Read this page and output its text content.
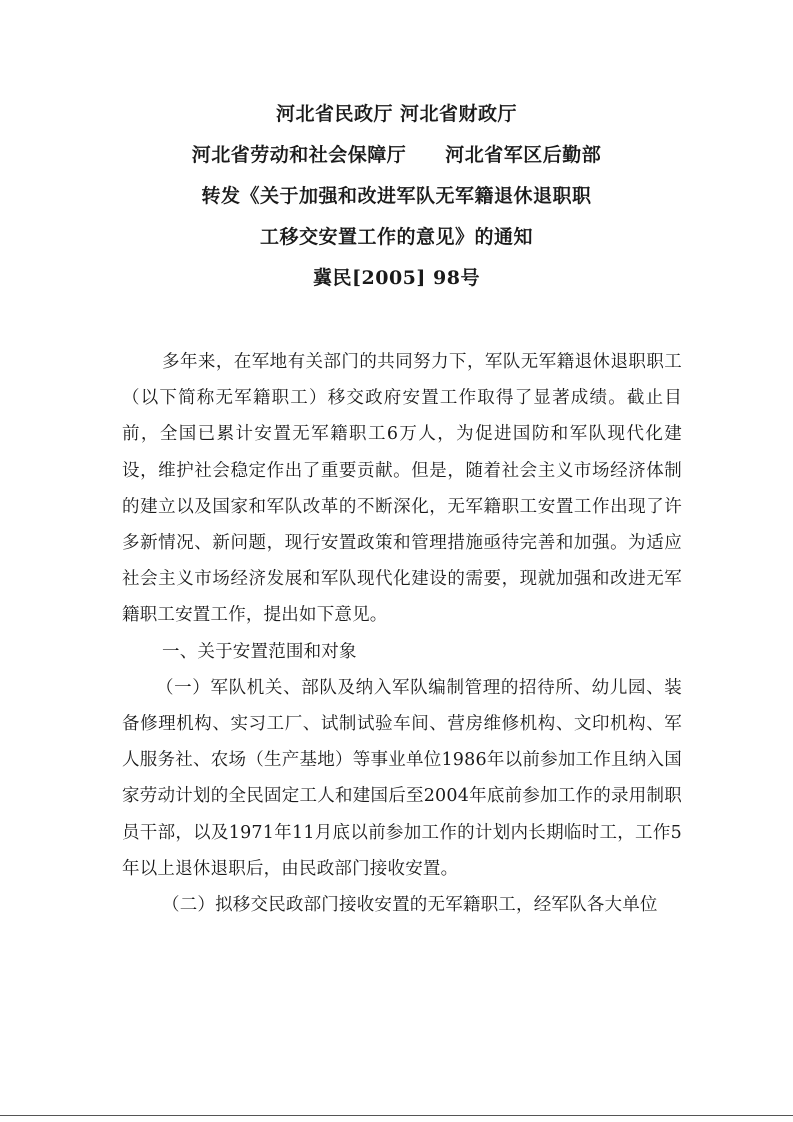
河北省民政厅 河北省财政厅
河北省劳动和社会保障厅　　河北省军区后勤部
转发《关于加强和改进军队无军籍退休退职职
工移交安置工作的意见》的通知
冀民[2005] 98号

多年来，在军地有关部门的共同努力下，军队无军籍退休退职职工（以下简称无军籍职工）移交政府安置工作取得了显著成绩。截止目前，全国已累计安置无军籍职工6万人，为促进国防和军队现代化建设，维护社会稳定作出了重要贡献。但是，随着社会主义市场经济体制的建立以及国家和军队改革的不断深化，无军籍职工安置工作出现了许多新情况、新问题，现行安置政策和管理措施亟待完善和加强。为适应社会主义市场经济发展和军队现代化建设的需要，现就加强和改进无军籍职工安置工作，提出如下意见。

一、关于安置范围和对象

（一）军队机关、部队及纳入军队编制管理的招待所、幼儿园、装备修理机构、实习工厂、试制试验车间、营房维修机构、文印机构、军人服务社、农场（生产基地）等事业单位1986年以前参加工作且纳入国家劳动计划的全民固定工人和建国后至2004年底前参加工作的录用制职员干部，以及1971年11月底以前参加工作的计划内长期临时工，工作5年以上退休退职后，由民政部门接收安置。

（二）拟移交民政部门接收安置的无军籍职工，经军队各大单位
